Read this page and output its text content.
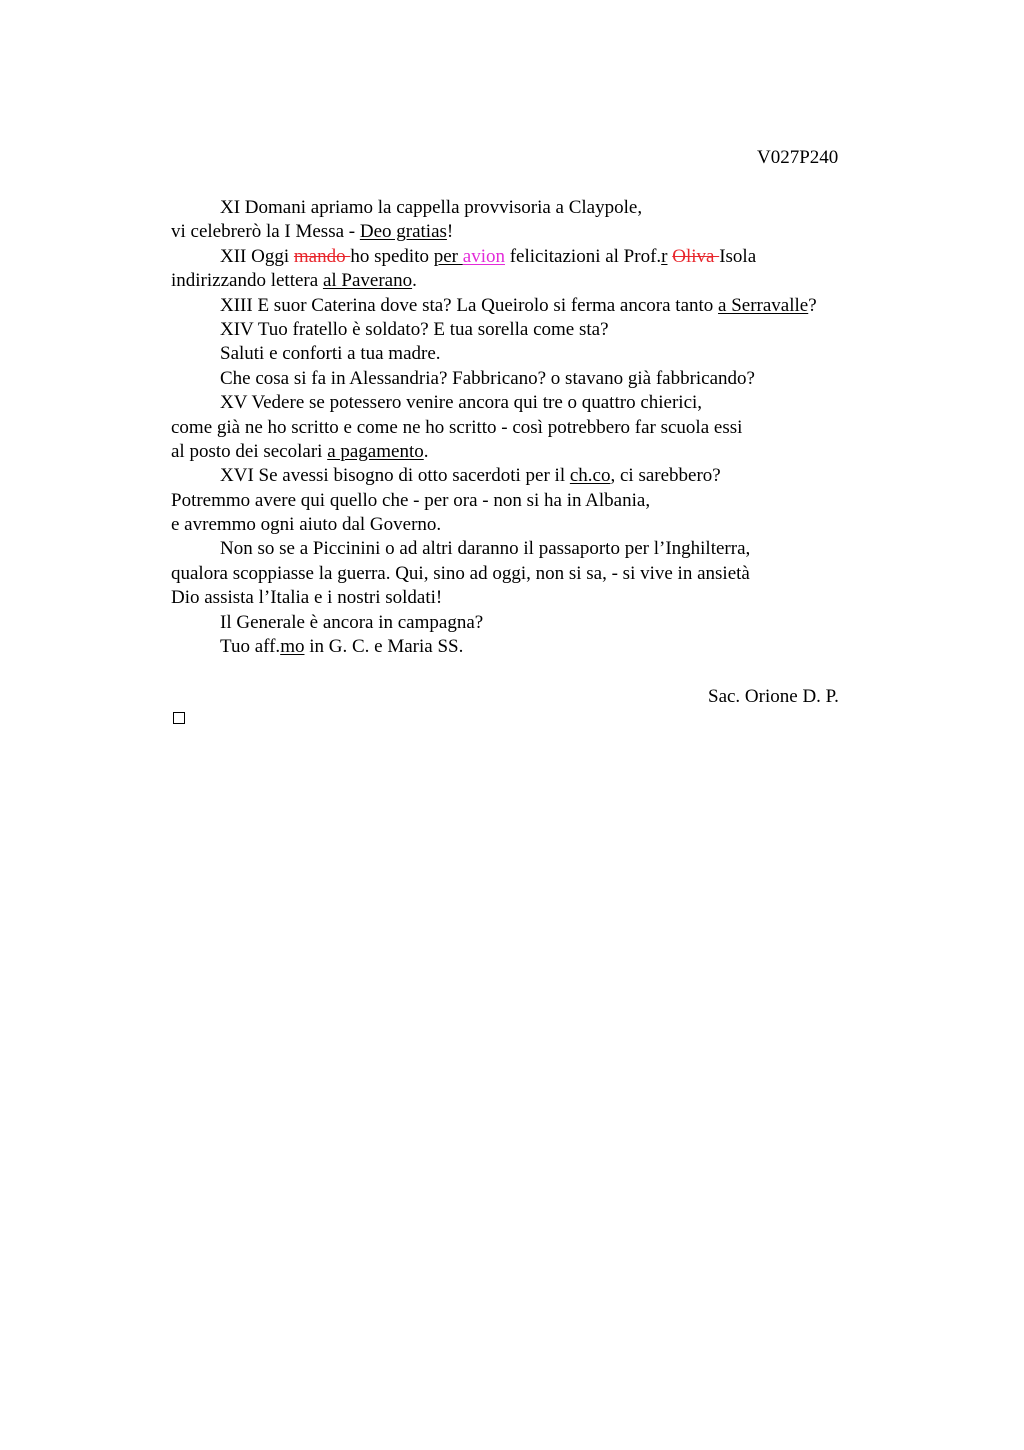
V027P240
XI Domani apriamo la cappella provvisoria a Claypole,
vi celebrerò la I Messa - Deo gratias!
XII Oggi mando ho spedito per avion felicitazioni al Prof.r Oliva Isola
indirizzando lettera al Paverano.
XIII E suor Caterina dove sta? La Queirolo si ferma ancora tanto a Serravalle?
XIV Tuo fratello è soldato? E tua sorella come sta?
Saluti e conforti a tua madre.
Che cosa si fa in Alessandria? Fabbricano? o stavano già fabbricando?
XV Vedere se potessero venire ancora qui tre o quattro chierici,
come già ne ho scritto e come ne ho scritto - così potrebbero far scuola essi
al posto dei secolari a pagamento.
XVI Se avessi bisogno di otto sacerdoti per il ch.co, ci sarebbero?
Potremmo avere qui quello che - per ora - non si ha in Albania,
e avremmo ogni aiuto dal Governo.
Non so se a Piccinini o ad altri daranno il passaporto per l’Inghilterra,
qualora scoppiasse la guerra. Qui, sino ad oggi, non si sa, - si vive in ansietà
Dio assista l’Italia e i nostri soldati!
Il Generale è ancora in campagna?
Tuo aff.mo in G. C. e Maria SS.
Sac. Orione D. P.
